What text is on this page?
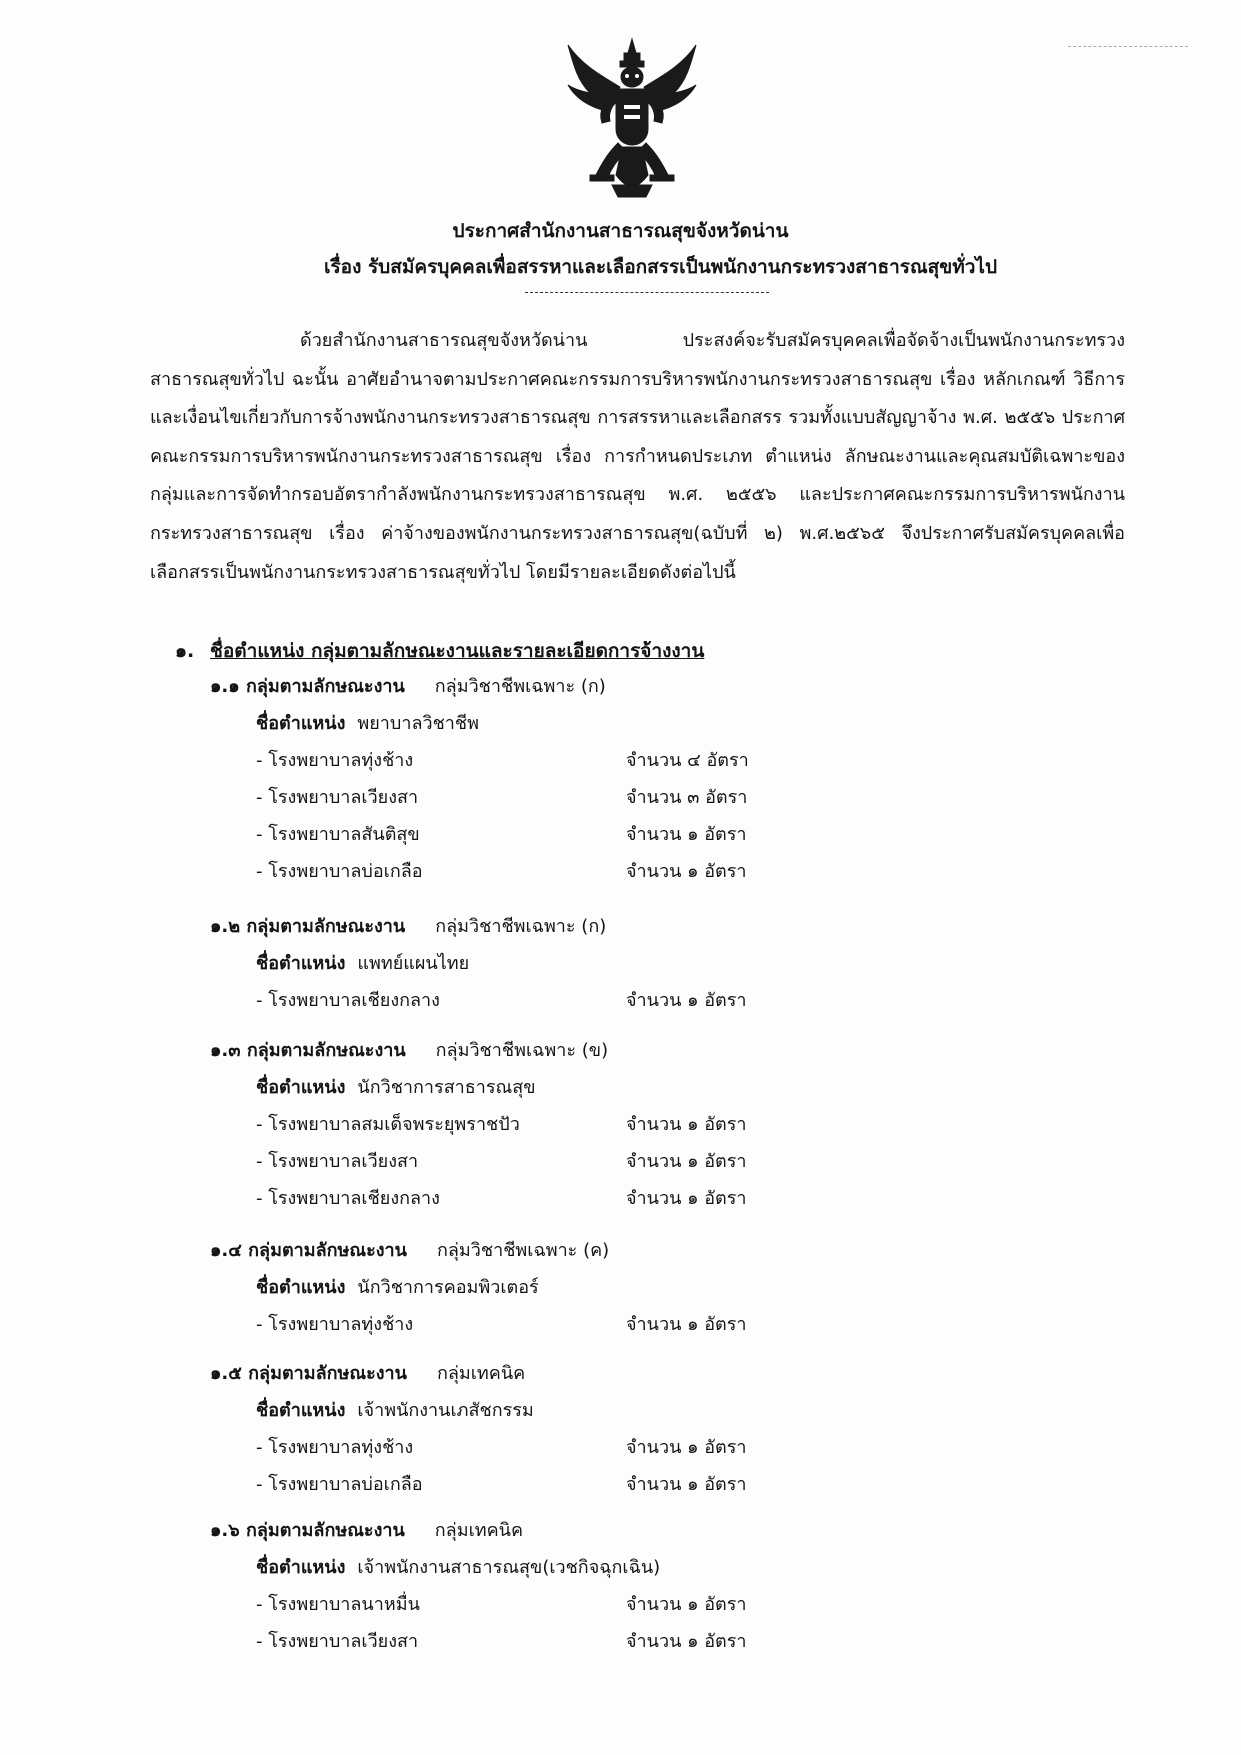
ประกาศสำนักงานสาธารณสุขจังหวัดน่าน
เรื่อง รับสมัครบุคคลเพื่อสรรหาและเลือกสรรเป็นพนักงานกระทรวงสาธารณสุขทั่วไป
ด้วยสำนักงานสาธารณสุขจังหวัดน่าน ประสงค์จะรับสมัครบุคคลเพื่อจัดจ้างเป็นพนักงานกระทรวงสาธารณสุขทั่วไป ฉะนั้น อาศัยอำนาจตามประกาศคณะกรรมการบริหารพนักงานกระทรวงสาธารณสุข เรื่อง หลักเกณฑ์ วิธีการและเงื่อนไขเกี่ยวกับการจ้างพนักงานกระทรวงสาธารณสุข การสรรหาและเลือกสรร รวมทั้งแบบสัญญาจ้าง พ.ศ. ๒๕๕๖ ประกาศคณะกรรมการบริหารพนักงานกระทรวงสาธารณสุข เรื่อง การกำหนดประเภท ตำแหน่ง ลักษณะงานและคุณสมบัติเฉพาะของกลุ่มและการจัดทำกรอบอัตรากำลังพนักงานกระทรวงสาธารณสุข พ.ศ. ๒๕๕๖ และประกาศคณะกรรมการบริหารพนักงานกระทรวงสาธารณสุข เรื่อง ค่าจ้างของพนักงานกระทรวงสาธารณสุข(ฉบับที่ ๒) พ.ศ.๒๕๖๕ จึงประกาศรับสมัครบุคคลเพื่อเลือกสรรเป็นพนักงานกระทรวงสาธารณสุขทั่วไป โดยมีรายละเอียดดังต่อไปนี้
๑. ชื่อตำแหน่ง กลุ่มตามลักษณะงานและรายละเอียดการจ้างงาน
๑.๑ กลุ่มตามลักษณะงาน กลุ่มวิชาชีพเฉพาะ (ก)
ชื่อตำแหน่ง พยาบาลวิชาชีพ
- โรงพยาบาลทุ่งช้าง	จำนวน ๔ อัตรา
- โรงพยาบาลเวียงสา	จำนวน ๓ อัตรา
- โรงพยาบาลสันติสุข	จำนวน ๑ อัตรา
- โรงพยาบาลบ่อเกลือ	จำนวน ๑ อัตรา
๑.๒ กลุ่มตามลักษณะงาน กลุ่มวิชาชีพเฉพาะ (ก)
ชื่อตำแหน่ง แพทย์แผนไทย
- โรงพยาบาลเชียงกลาง	จำนวน ๑ อัตรา
๑.๓ กลุ่มตามลักษณะงาน กลุ่มวิชาชีพเฉพาะ (ข)
ชื่อตำแหน่ง นักวิชาการสาธารณสุข
- โรงพยาบาลสมเด็จพระยุพราชปัว	จำนวน ๑ อัตรา
- โรงพยาบาลเวียงสา	จำนวน ๑ อัตรา
- โรงพยาบาลเชียงกลาง	จำนวน ๑ อัตรา
๑.๔ กลุ่มตามลักษณะงาน กลุ่มวิชาชีพเฉพาะ (ค)
ชื่อตำแหน่ง นักวิชาการคอมพิวเตอร์
- โรงพยาบาลทุ่งช้าง	จำนวน ๑ อัตรา
๑.๕ กลุ่มตามลักษณะงาน กลุ่มเทคนิค
ชื่อตำแหน่ง เจ้าพนักงานเภสัชกรรม
- โรงพยาบาลทุ่งช้าง	จำนวน ๑ อัตรา
- โรงพยาบาลบ่อเกลือ	จำนวน ๑ อัตรา
๑.๖ กลุ่มตามลักษณะงาน กลุ่มเทคนิค
ชื่อตำแหน่ง เจ้าพนักงานสาธารณสุข(เวชกิจฉุกเฉิน)
- โรงพยาบาลนาหมื่น	จำนวน ๑ อัตรา
- โรงพยาบาลเวียงสา	จำนวน ๑ อัตรา
